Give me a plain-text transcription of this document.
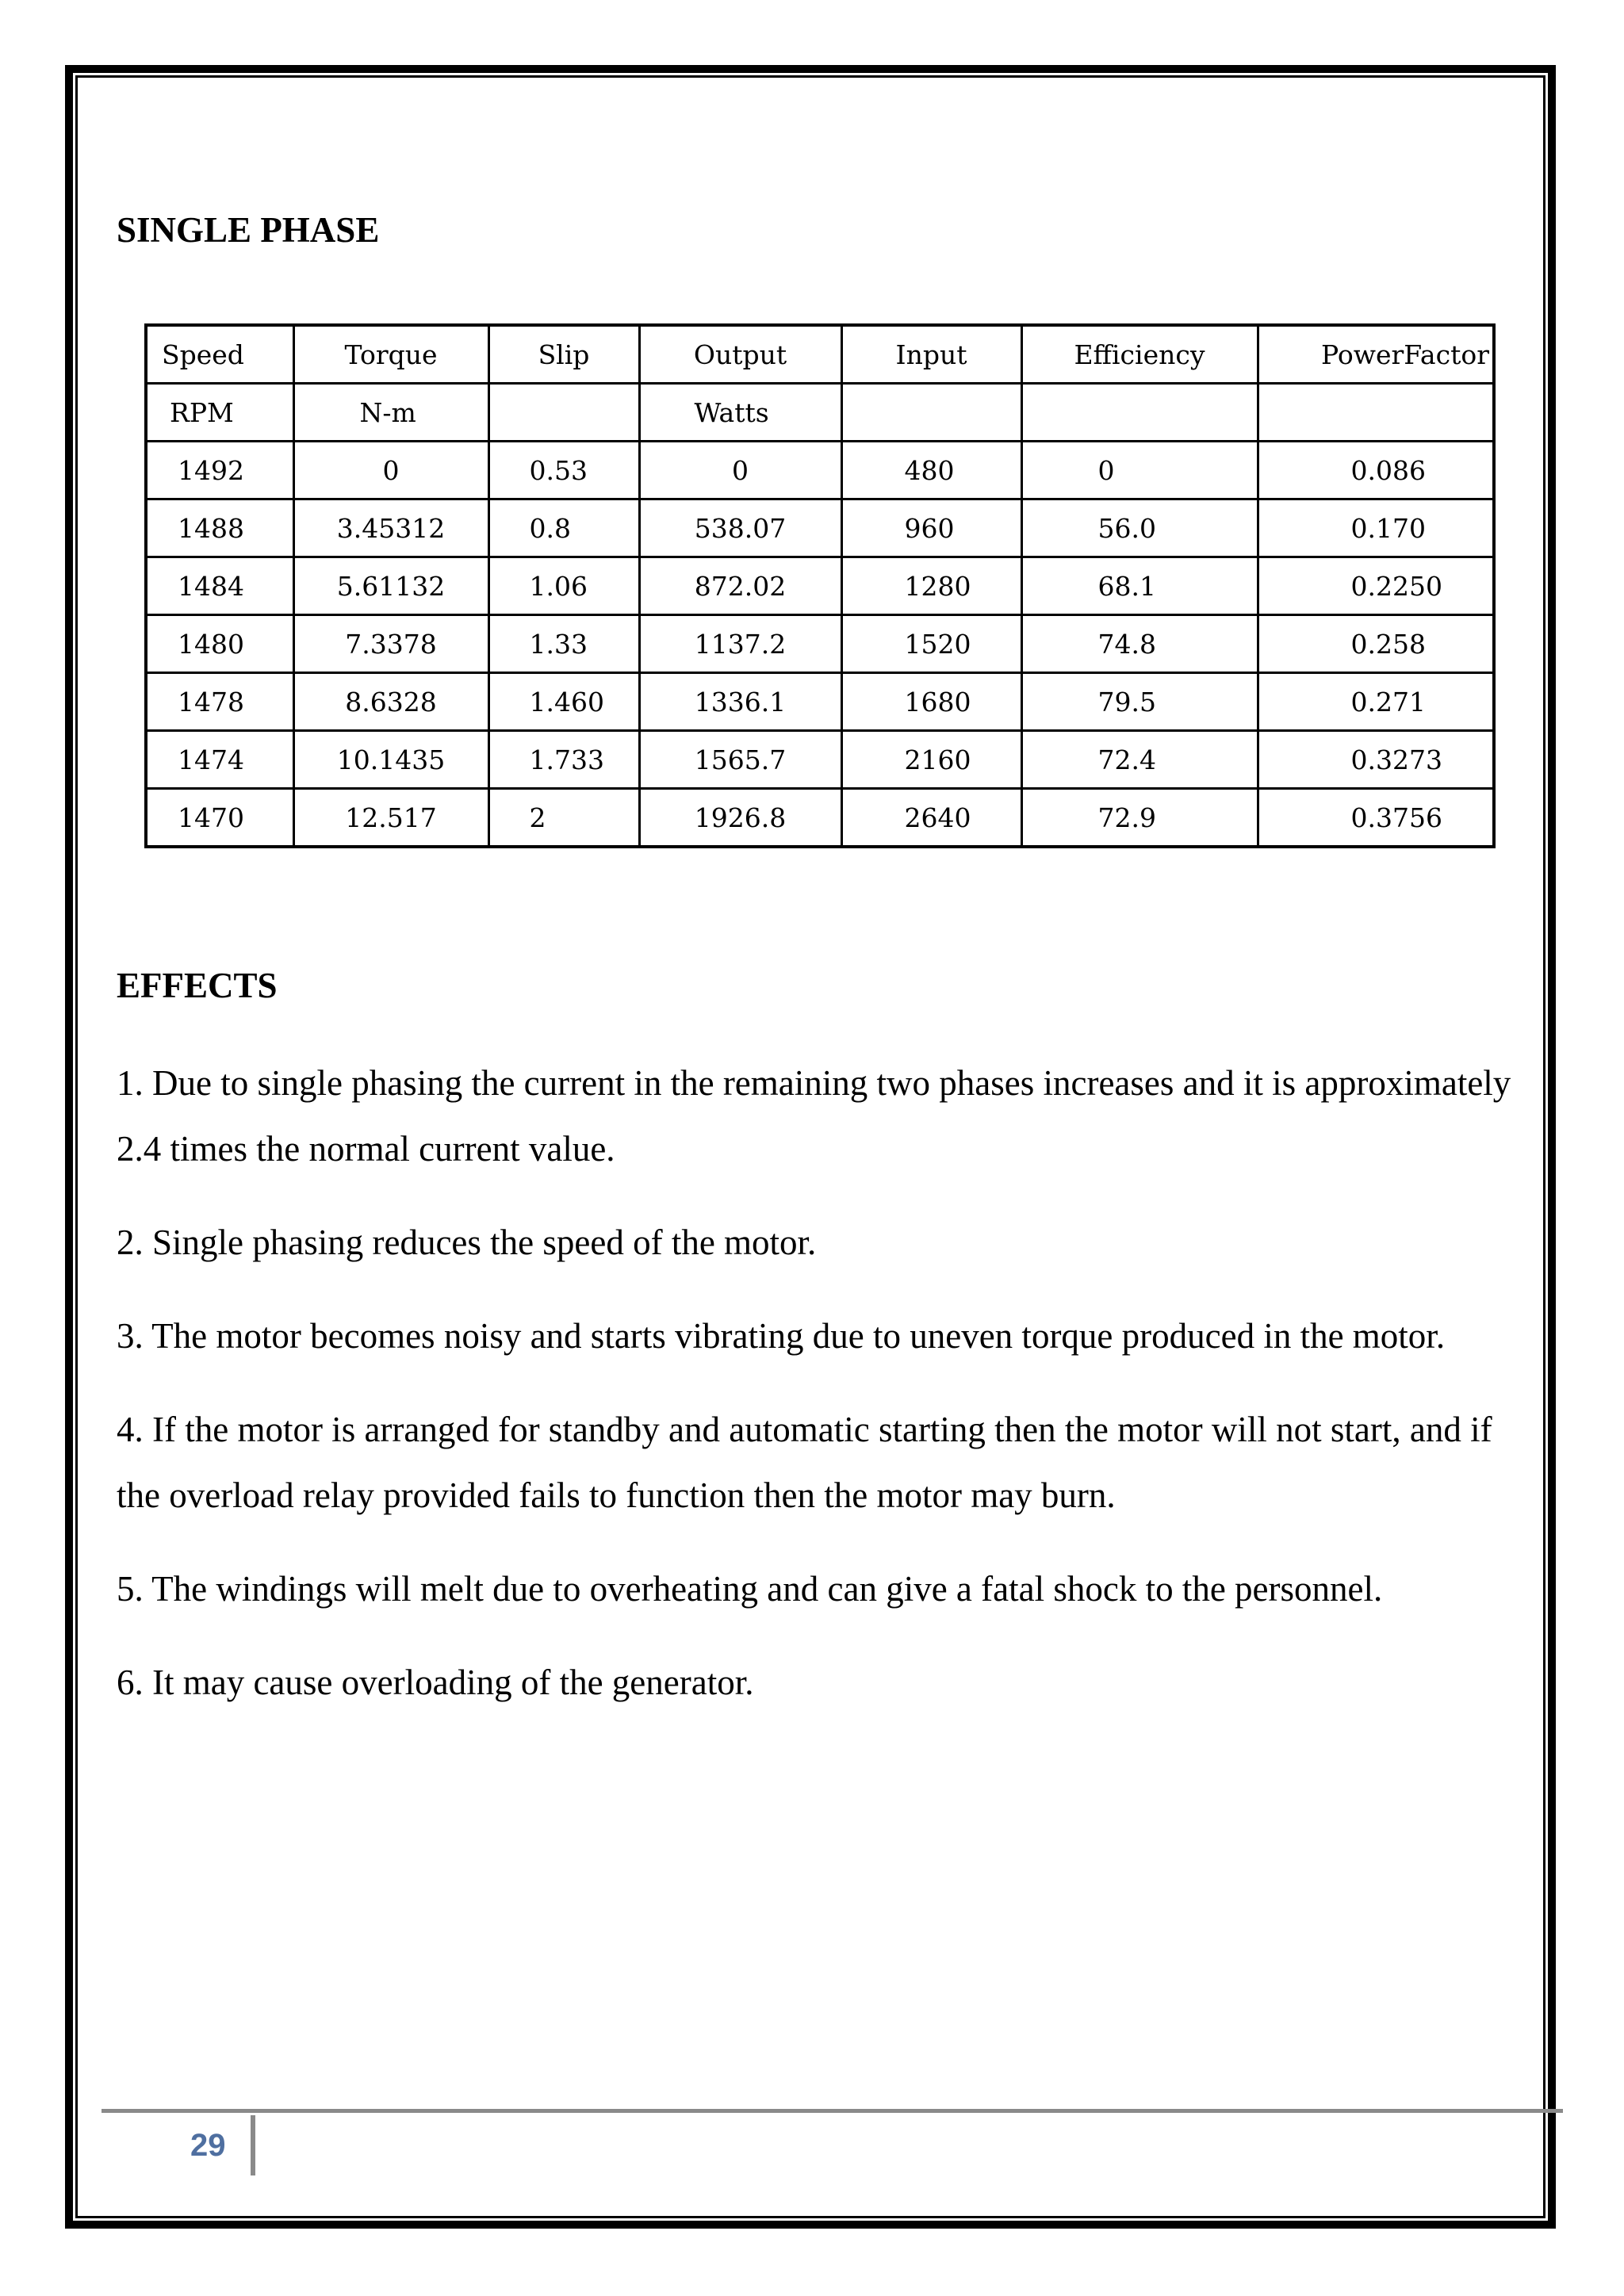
SINGLE PHASE
Speed	Torque	Slip	Output	Input	Efficiency	PowerFactor
RPM	N-m		Watts			
1492	0	0.53	0	480	0	0.086
1488	3.45312	0.8	538.07	960	56.0	0.170
1484	5.61132	1.06	872.02	1280	68.1	0.2250
1480	7.3378	1.33	1137.2	1520	74.8	0.258
1478	8.6328	1.460	1336.1	1680	79.5	0.271
1474	10.1435	1.733	1565.7	2160	72.4	0.3273
1470	12.517	2	1926.8	2640	72.9	0.3756
EFFECTS

1. Due to single phasing the current in the remaining two phases increases and it is approximately 2.4 times the normal current value.

2. Single phasing reduces the speed of the motor.

3. The motor becomes noisy and starts vibrating due to uneven torque produced in the motor.

4. If the motor is arranged for standby and automatic starting then the motor will not start, and if the overload relay provided fails to function then the motor may burn.

5. The windings will melt due to overheating and can give a fatal shock to the personnel.

6. It may cause overloading of the generator.

29
